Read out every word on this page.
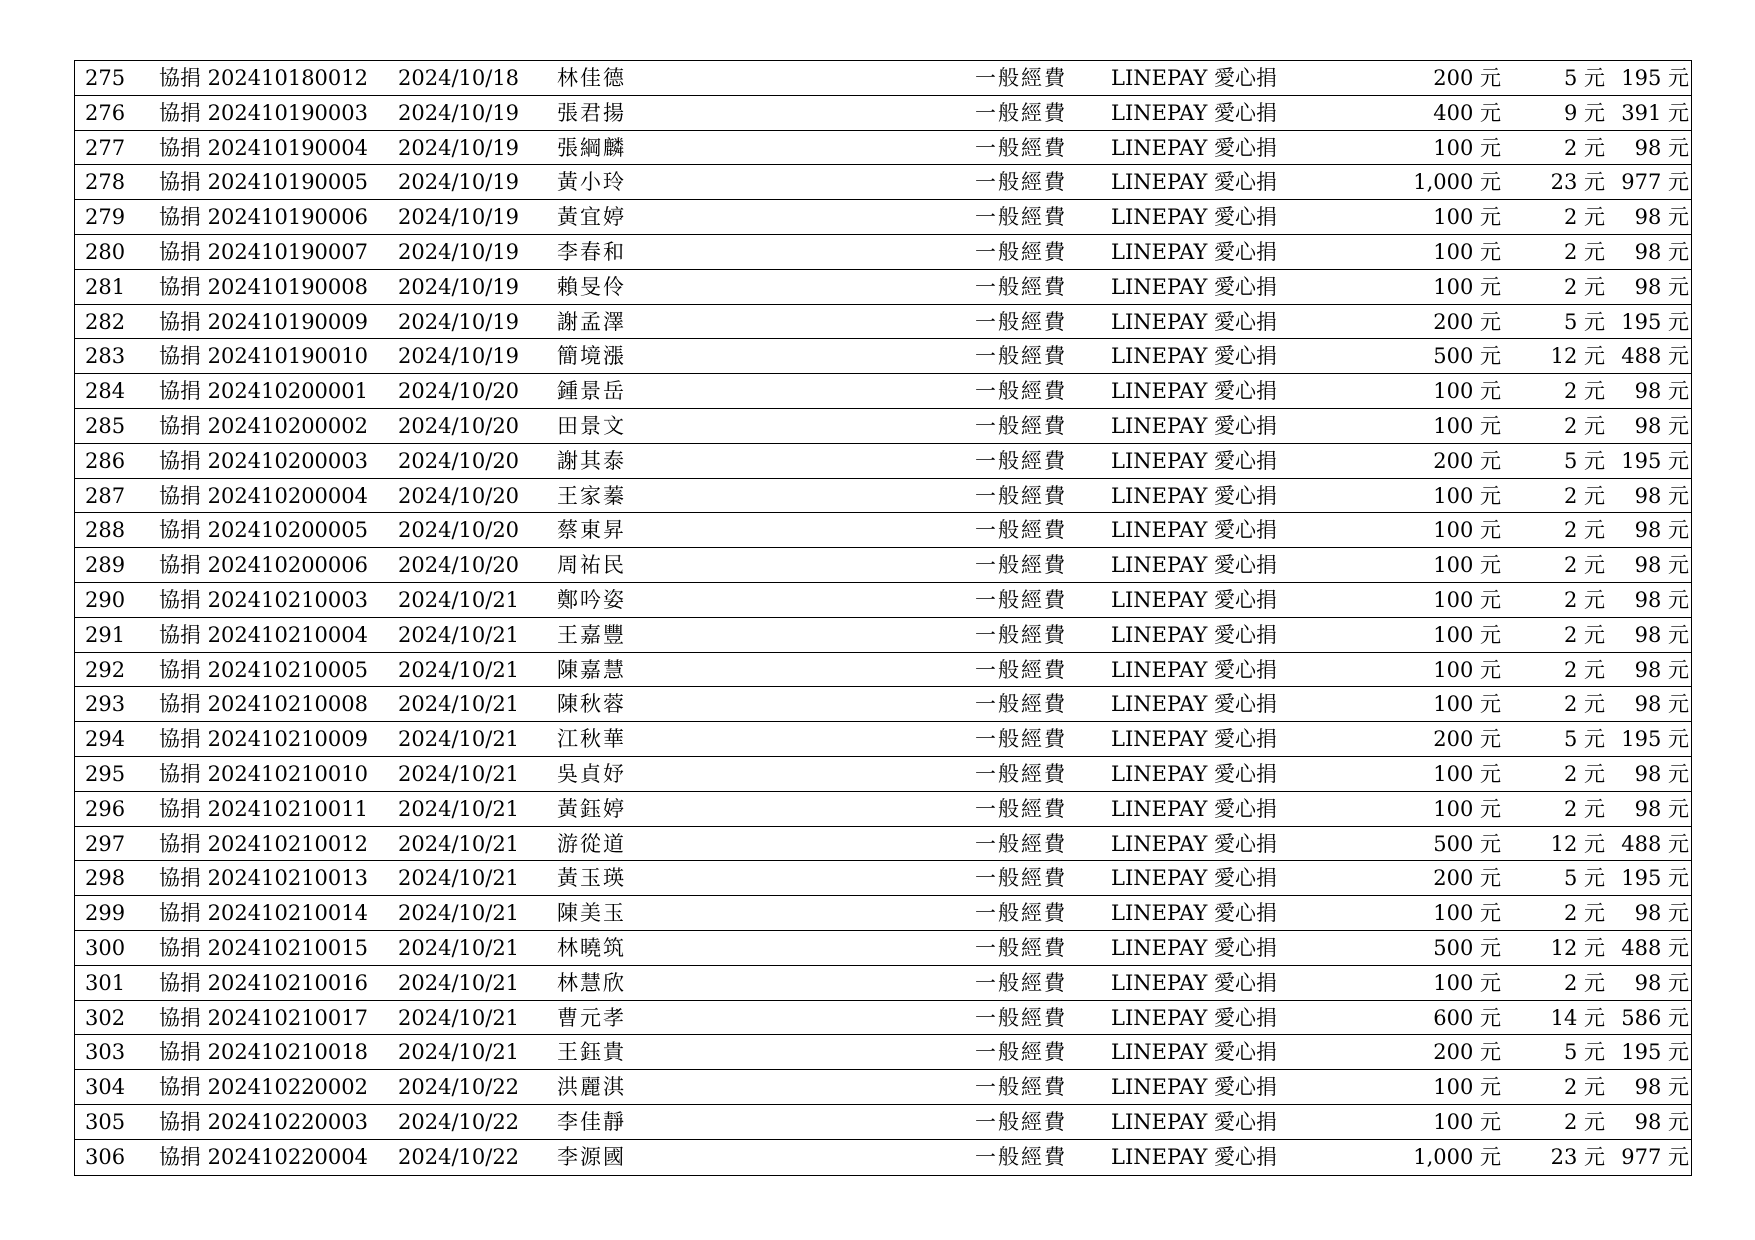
275	協捐 202410180012	2024/10/18	林佳德	一般經費	LINEPAY 愛心捐	200 元	5 元 195 元
276	協捐 202410190003	2024/10/19	張君揚	一般經費	LINEPAY 愛心捐	400 元	9 元 391 元
277	協捐 202410190004	2024/10/19	張綱麟	一般經費	LINEPAY 愛心捐	100 元	2 元	98 元
278	協捐 202410190005	2024/10/19	黃小玲	一般經費	LINEPAY 愛心捐	1,000 元	23 元 977 元
279	協捐 202410190006	2024/10/19	黃宜婷	一般經費	LINEPAY 愛心捐	100 元	2 元	98 元
280	協捐 202410190007	2024/10/19	李春和	一般經費	LINEPAY 愛心捐	100 元	2 元	98 元
281	協捐 202410190008	2024/10/19	賴旻伶	一般經費	LINEPAY 愛心捐	100 元	2 元	98 元
282	協捐 202410190009	2024/10/19	謝孟澤	一般經費	LINEPAY 愛心捐	200 元	5 元 195 元
283	協捐 202410190010	2024/10/19	簡境漲	一般經費	LINEPAY 愛心捐	500 元	12 元 488 元
284	協捐 202410200001	2024/10/20	鍾景岳	一般經費	LINEPAY 愛心捐	100 元	2 元	98 元
285	協捐 202410200002	2024/10/20	田景文	一般經費	LINEPAY 愛心捐	100 元	2 元	98 元
286	協捐 202410200003	2024/10/20	謝其泰	一般經費	LINEPAY 愛心捐	200 元	5 元 195 元
287	協捐 202410200004	2024/10/20	王家蓁	一般經費	LINEPAY 愛心捐	100 元	2 元	98 元
288	協捐 202410200005	2024/10/20	蔡東昇	一般經費	LINEPAY 愛心捐	100 元	2 元	98 元
289	協捐 202410200006	2024/10/20	周祐民	一般經費	LINEPAY 愛心捐	100 元	2 元	98 元
290	協捐 202410210003	2024/10/21	鄭吟姿	一般經費	LINEPAY 愛心捐	100 元	2 元	98 元
291	協捐 202410210004	2024/10/21	王嘉豐	一般經費	LINEPAY 愛心捐	100 元	2 元	98 元
292	協捐 202410210005	2024/10/21	陳嘉慧	一般經費	LINEPAY 愛心捐	100 元	2 元	98 元
293	協捐 202410210008	2024/10/21	陳秋蓉	一般經費	LINEPAY 愛心捐	100 元	2 元	98 元
294	協捐 202410210009	2024/10/21	江秋華	一般經費	LINEPAY 愛心捐	200 元	5 元 195 元
295	協捐 202410210010	2024/10/21	吳貞妤	一般經費	LINEPAY 愛心捐	100 元	2 元	98 元
296	協捐 202410210011	2024/10/21	黃鈺婷	一般經費	LINEPAY 愛心捐	100 元	2 元	98 元
297	協捐 202410210012	2024/10/21	游從道	一般經費	LINEPAY 愛心捐	500 元	12 元 488 元
298	協捐 202410210013	2024/10/21	黃玉瑛	一般經費	LINEPAY 愛心捐	200 元	5 元 195 元
299	協捐 202410210014	2024/10/21	陳美玉	一般經費	LINEPAY 愛心捐	100 元	2 元	98 元
300	協捐 202410210015	2024/10/21	林曉筑	一般經費	LINEPAY 愛心捐	500 元	12 元 488 元
301	協捐 202410210016	2024/10/21	林慧欣	一般經費	LINEPAY 愛心捐	100 元	2 元	98 元
302	協捐 202410210017	2024/10/21	曹元孝	一般經費	LINEPAY 愛心捐	600 元	14 元 586 元
303	協捐 202410210018	2024/10/21	王鈺貴	一般經費	LINEPAY 愛心捐	200 元	5 元 195 元
304	協捐 202410220002	2024/10/22	洪麗淇	一般經費	LINEPAY 愛心捐	100 元	2 元	98 元
305	協捐 202410220003	2024/10/22	李佳靜	一般經費	LINEPAY 愛心捐	100 元	2 元	98 元
306	協捐 202410220004	2024/10/22	李源國	一般經費	LINEPAY 愛心捐	1,000 元	23 元 977 元
